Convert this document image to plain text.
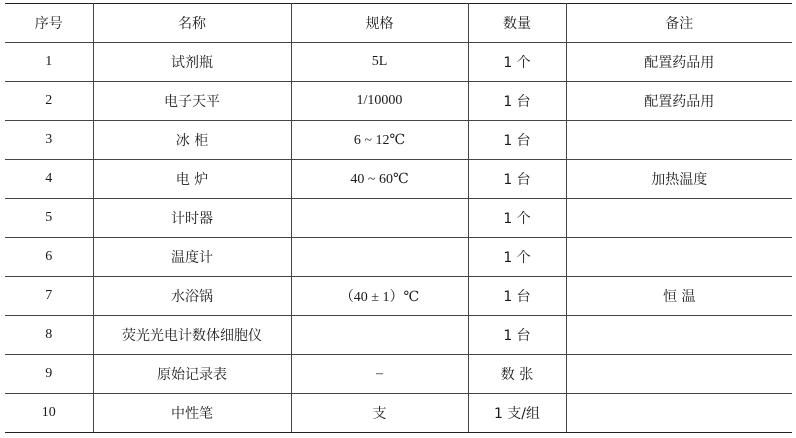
序号	名称	规格	数量	备注
1	试剂瓶	5L	1 个	配置药品用
2	电子天平	1/10000	1 台	配置药品用
3	冰 柜	6 ~ 12℃	1 台	
4	电 炉	40 ~ 60℃	1 台	加热温度
5	计时器		1 个	
6	温度计		1 个	
7	水浴锅	（40 ± 1）℃	1 台	恒 温
8	荧光光电计数体细胞仪		1 台	
9	原始记录表	–	数 张	
10	中性笔	支	1 支/组	
